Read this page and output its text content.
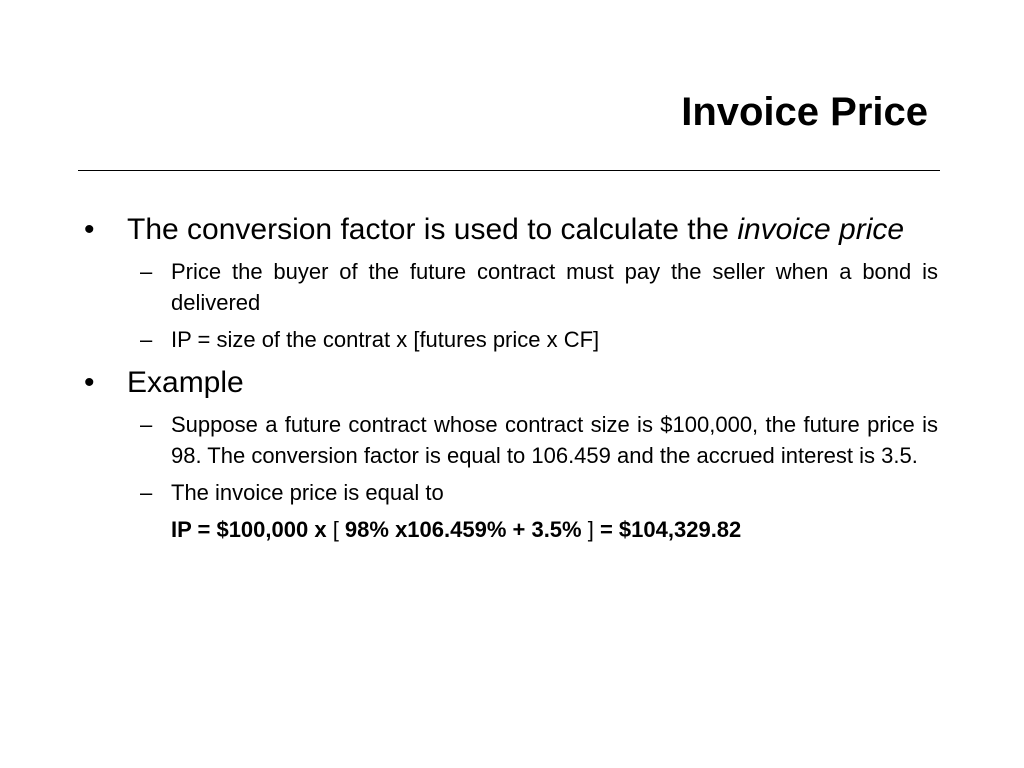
Invoice Price
• The conversion factor is used to calculate the invoice price
– Price the buyer of the future contract must pay the seller when a bond is delivered
– IP = size of the contrat x [futures price x CF]
• Example
– Suppose a future contract whose contract size is $100,000, the future price is 98. The conversion factor is equal to 106.459 and the accrued interest is 3.5.
– The invoice price is equal to
IP = $100,000 x [ 98% x106.459% + 3.5% ] = $104,329.82
